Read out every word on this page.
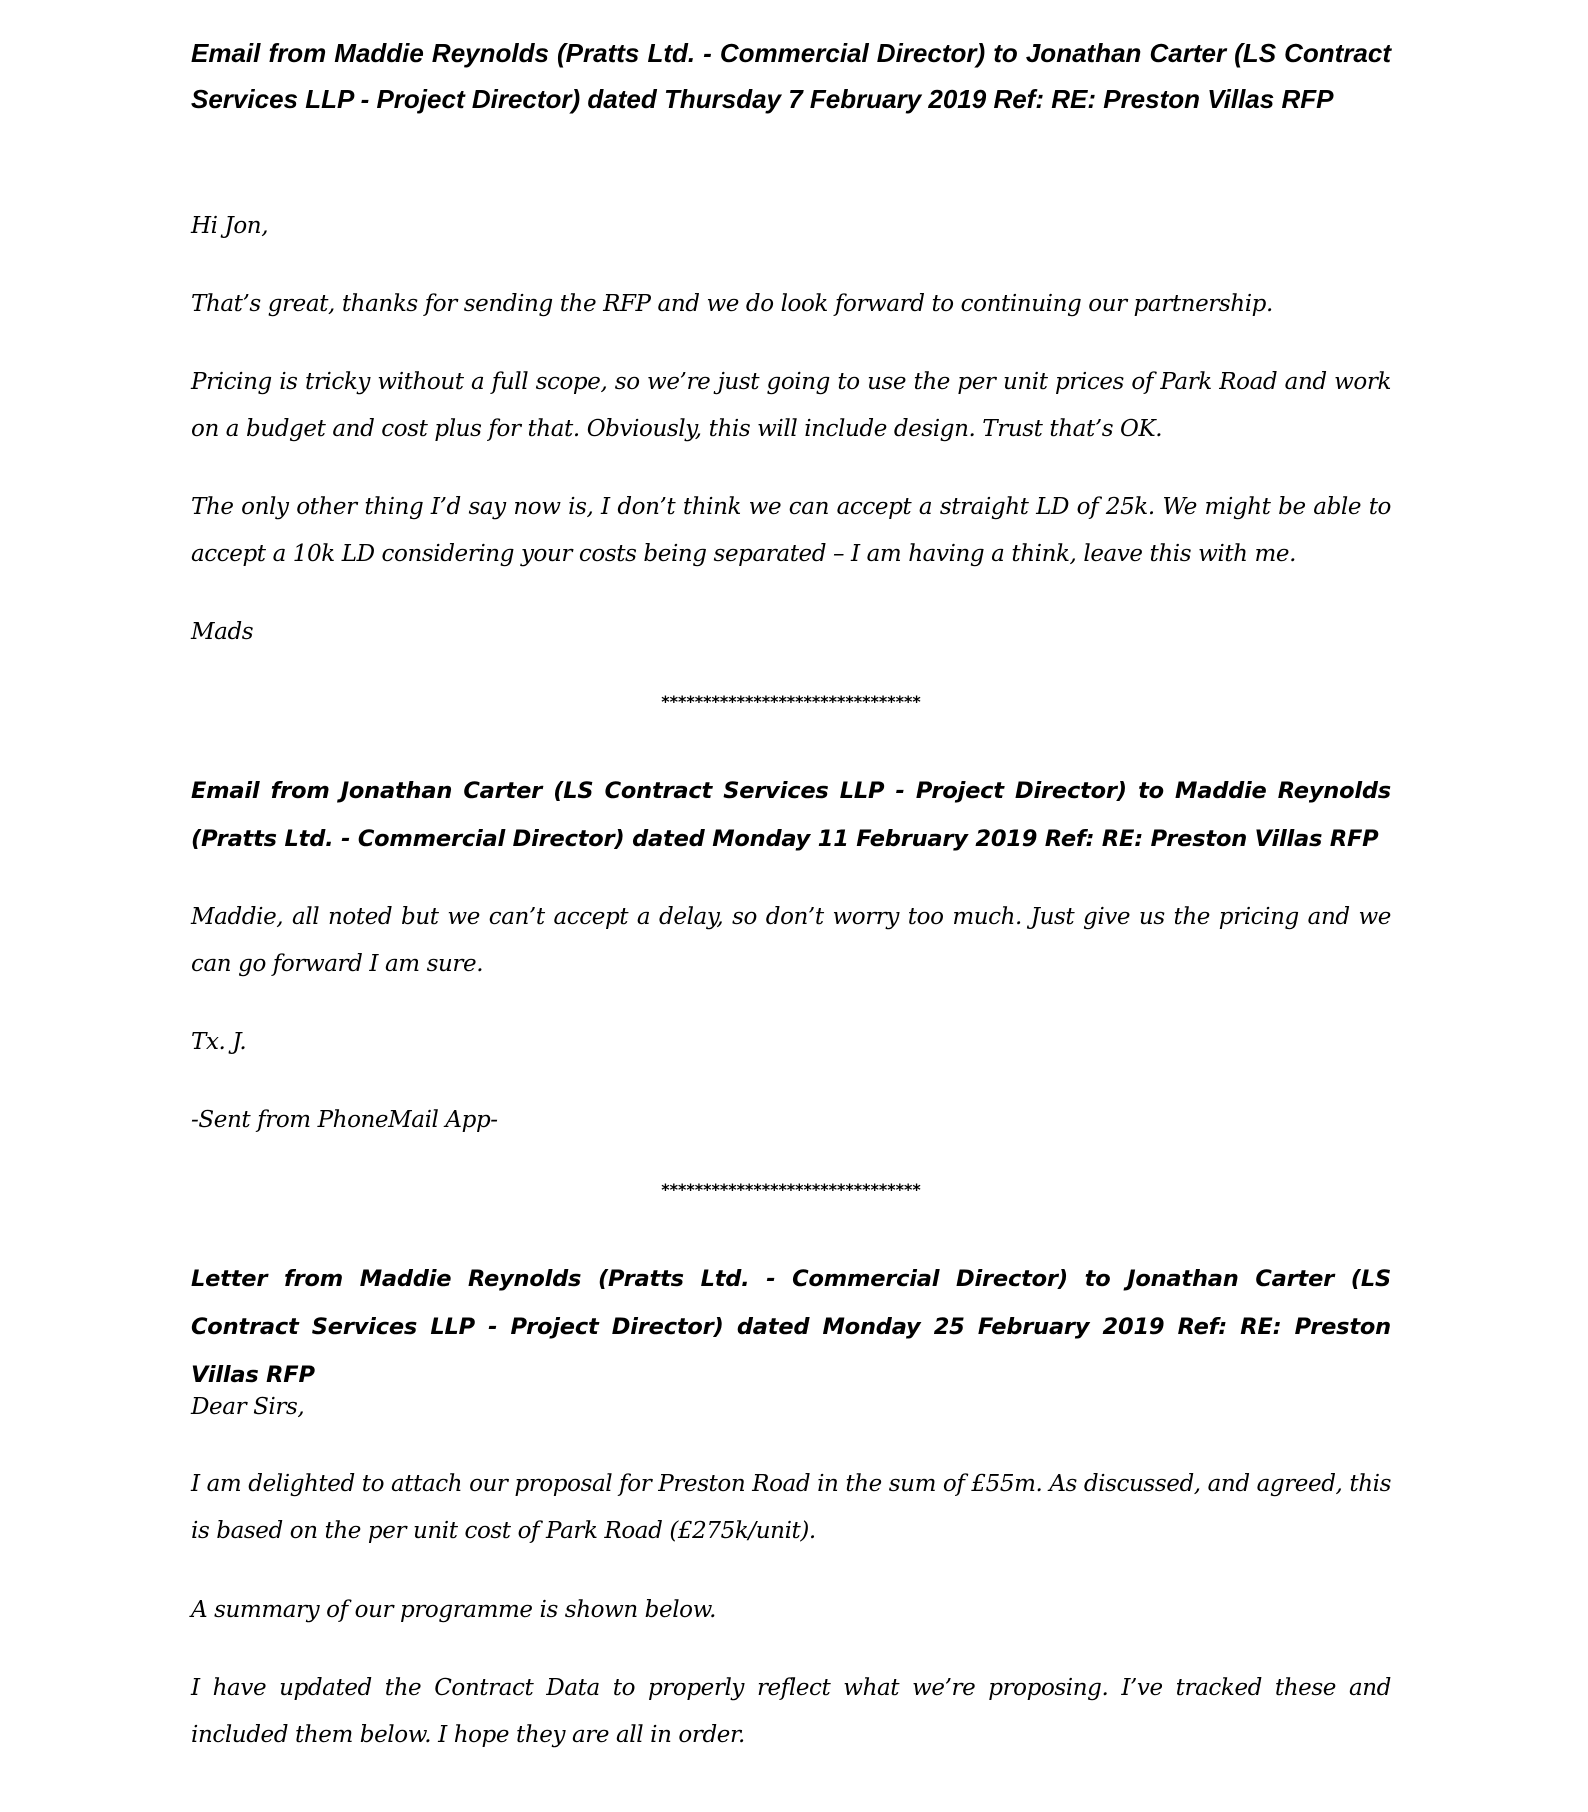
Email from Maddie Reynolds (Pratts Ltd. - Commercial Director) to Jonathan Carter (LS Contract Services LLP - Project Director) dated Thursday 7 February 2019 Ref: RE: Preston Villas RFP

Hi Jon,

That’s great, thanks for sending the RFP and we do look forward to continuing our partnership.

Pricing is tricky without a full scope, so we’re just going to use the per unit prices of Park Road and work on a budget and cost plus for that. Obviously, this will include design. Trust that’s OK.

The only other thing I’d say now is, I don’t think we can accept a straight LD of 25k. We might be able to accept a 10k LD considering your costs being separated – I am having a think, leave this with me.

Mads

*******************************

Email from Jonathan Carter (LS Contract Services LLP - Project Director) to Maddie Reynolds (Pratts Ltd. - Commercial Director) dated Monday 11 February 2019 Ref: RE: Preston Villas RFP

Maddie, all noted but we can’t accept a delay, so don’t worry too much. Just give us the pricing and we can go forward I am sure.

Tx. J.

-Sent from PhoneMail App-

*******************************

Letter from Maddie Reynolds (Pratts Ltd. - Commercial Director) to Jonathan Carter (LS Contract Services LLP - Project Director) dated Monday 25 February 2019 Ref: RE: Preston Villas RFP

Dear Sirs,

I am delighted to attach our proposal for Preston Road in the sum of £55m. As discussed, and agreed, this is based on the per unit cost of Park Road (£275k/unit).

A summary of our programme is shown below.

I have updated the Contract Data to properly reflect what we’re proposing. I’ve tracked these and included them below. I hope they are all in order.
